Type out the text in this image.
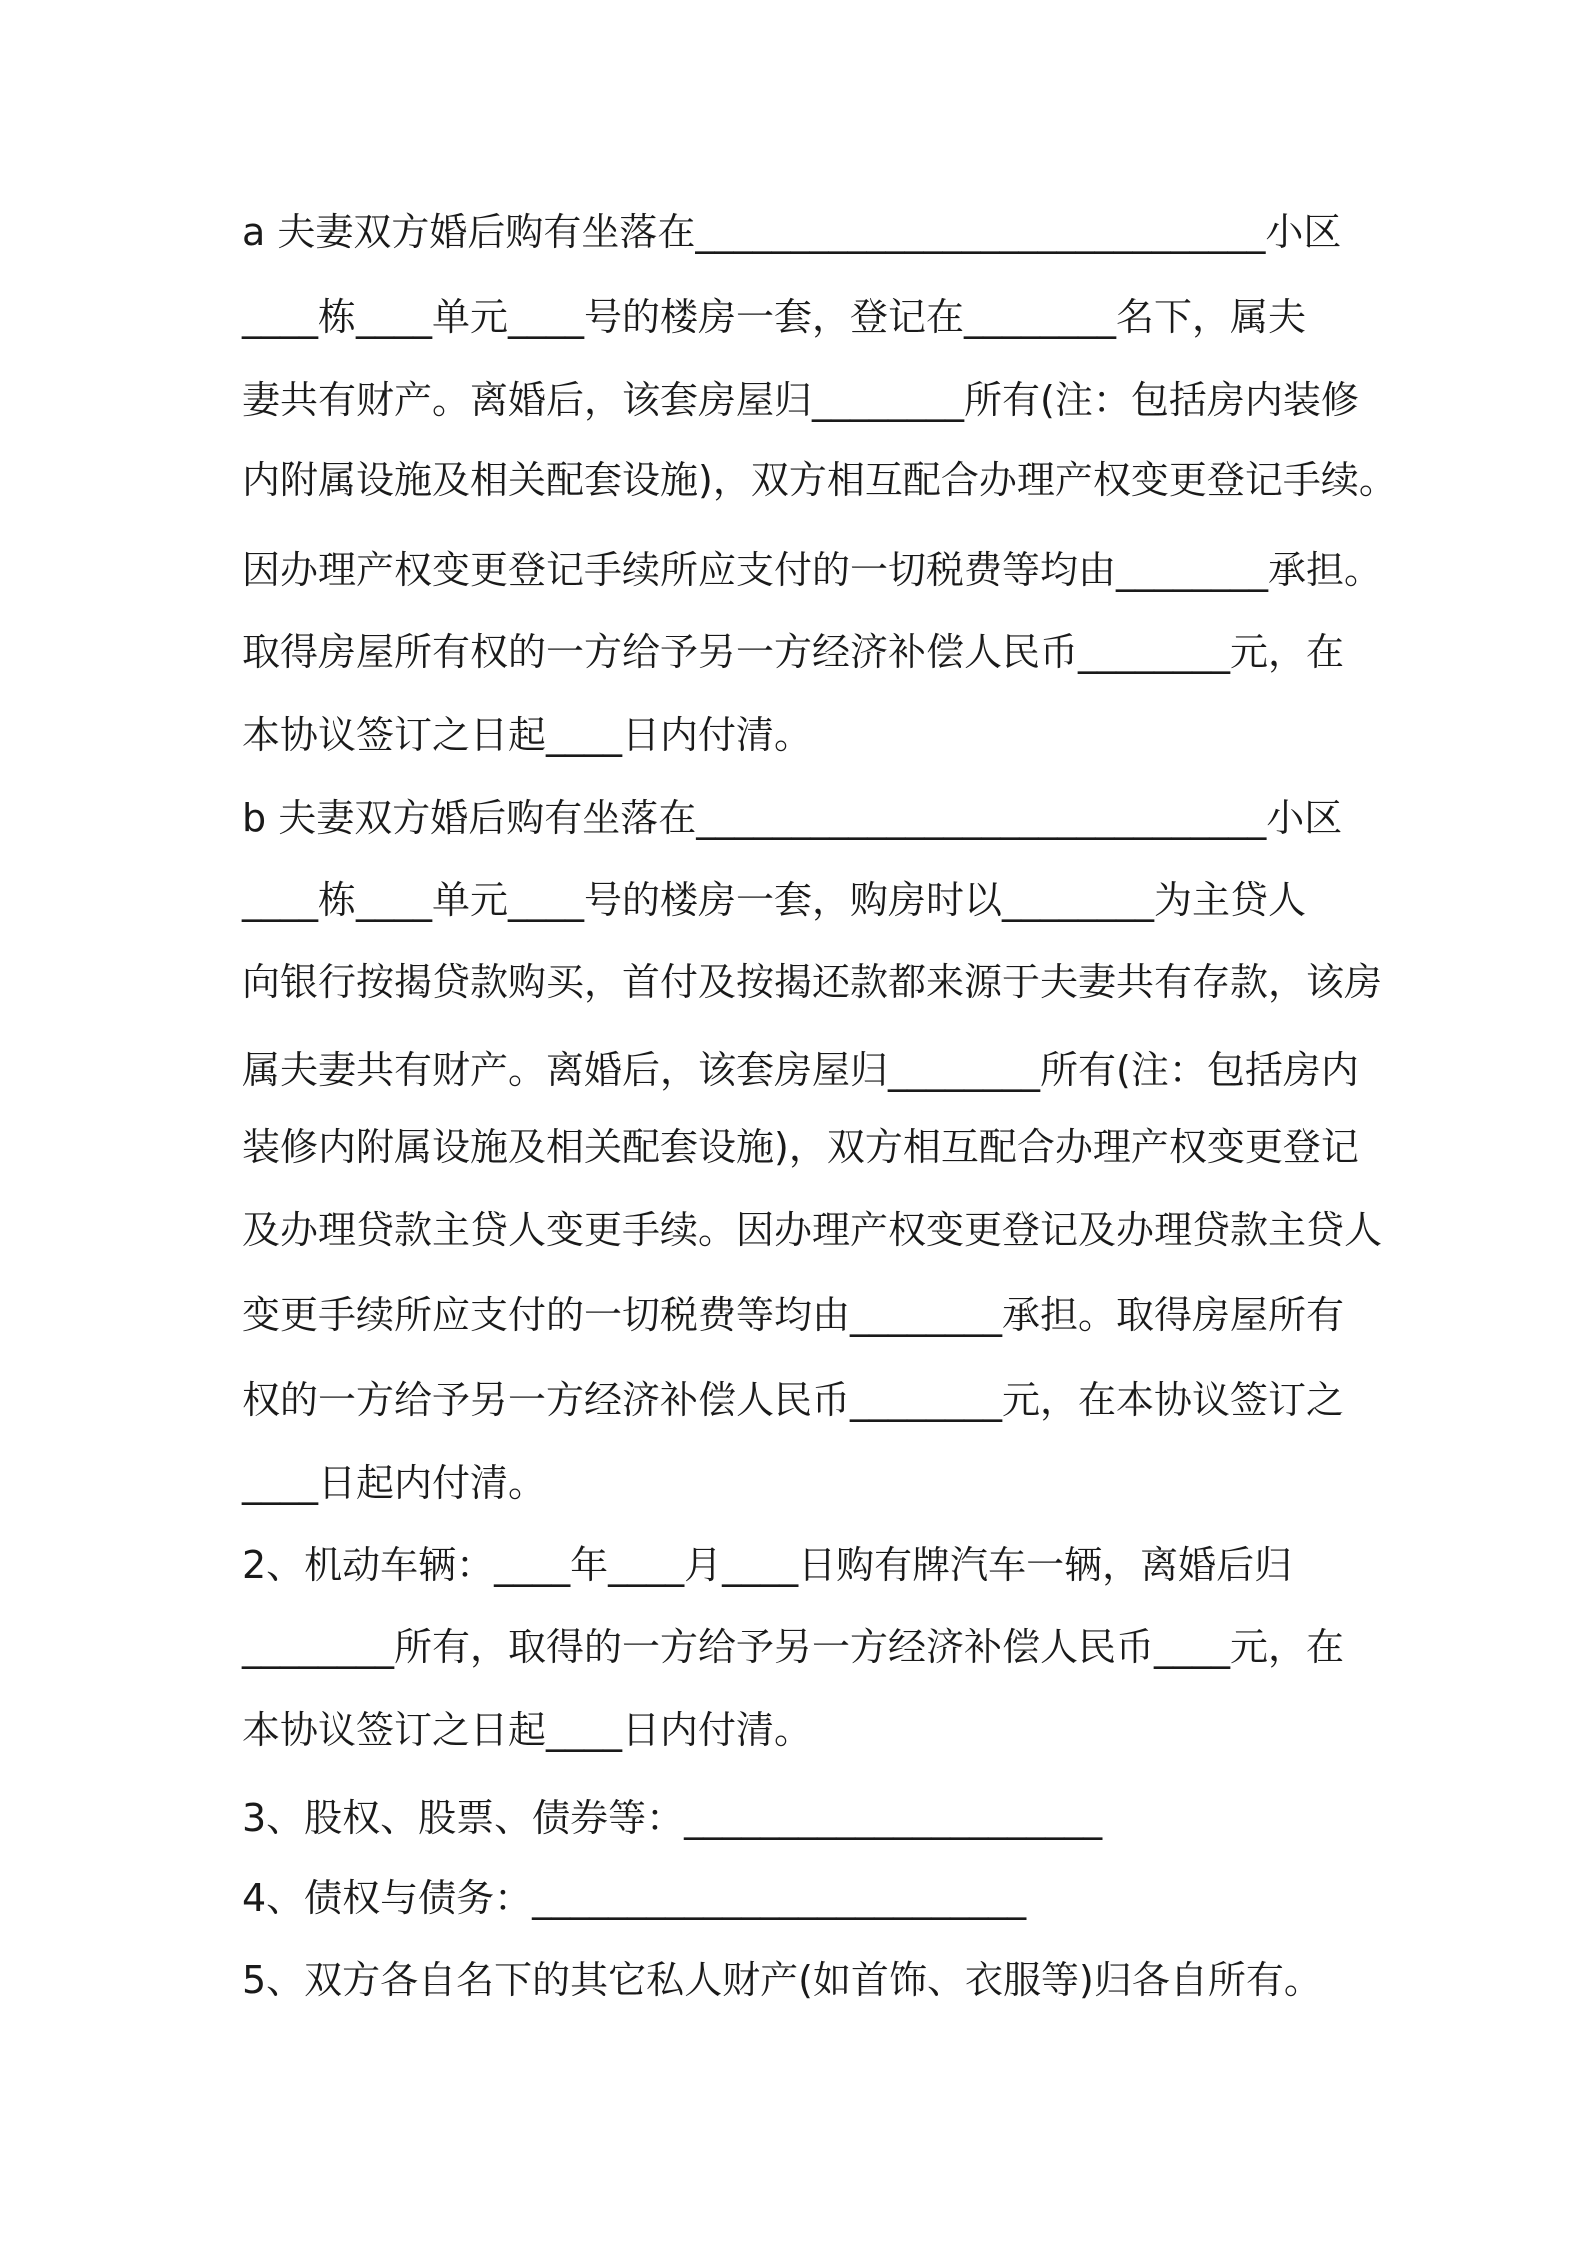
a 夫妻双方婚后购有坐落在______________________________小区
____栋____单元____号的楼房一套，登记在________名下，属夫
妻共有财产。离婚后，该套房屋归________所有(注：包括房内装修
内附属设施及相关配套设施)，双方相互配合办理产权变更登记手续。
因办理产权变更登记手续所应支付的一切税费等均由________承担。
取得房屋所有权的一方给予另一方经济补偿人民币________元，在
本协议签订之日起____日内付清。
b 夫妻双方婚后购有坐落在______________________________小区
____栋____单元____号的楼房一套，购房时以________为主贷人
向银行按揭贷款购买，首付及按揭还款都来源于夫妻共有存款，该房
属夫妻共有财产。离婚后，该套房屋归________所有(注：包括房内
装修内附属设施及相关配套设施)，双方相互配合办理产权变更登记
及办理贷款主贷人变更手续。因办理产权变更登记及办理贷款主贷人
变更手续所应支付的一切税费等均由________承担。取得房屋所有
权的一方给予另一方经济补偿人民币________元，在本协议签订之
____日起内付清。
2、机动车辆：____年____月____日购有牌汽车一辆，离婚后归
________所有，取得的一方给予另一方经济补偿人民币____元，在
本协议签订之日起____日内付清。
3、股权、股票、债券等：______________________
4、债权与债务：__________________________
5、双方各自名下的其它私人财产(如首饰、衣服等)归各自所有。
